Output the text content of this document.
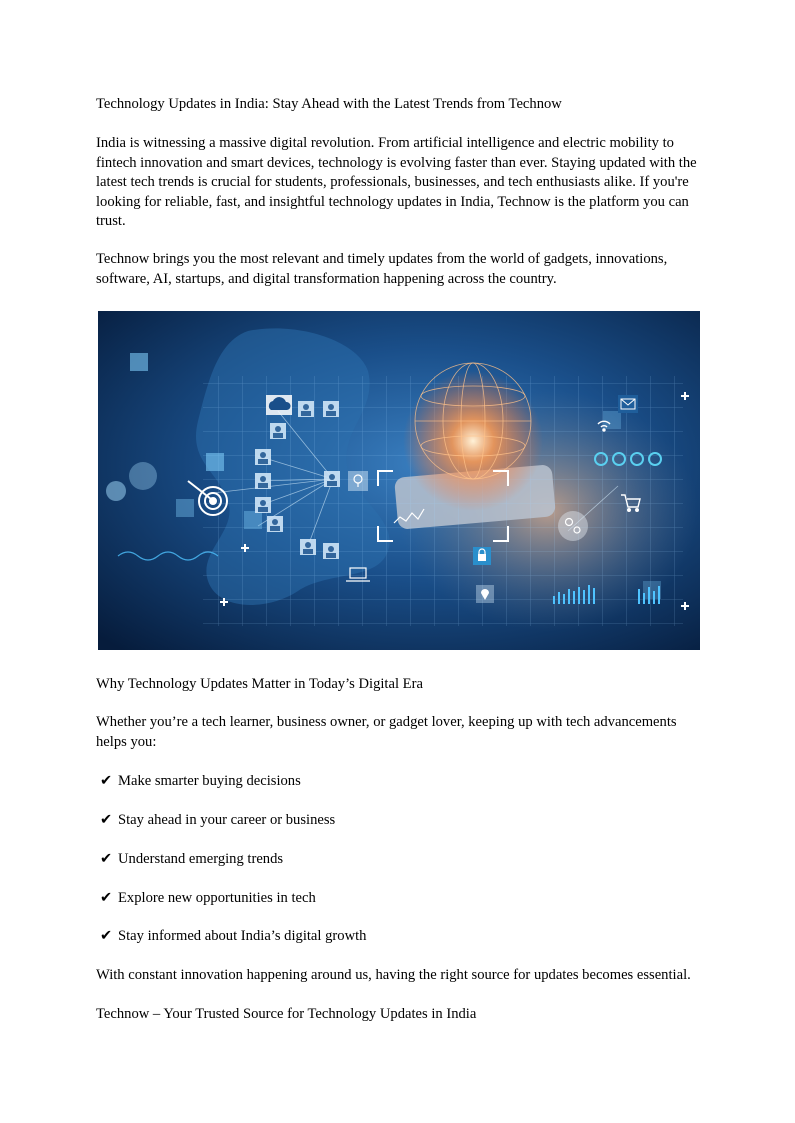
Technology Updates in India: Stay Ahead with the Latest Trends from Technow

India is witnessing a massive digital revolution. From artificial intelligence and electric mobility to fintech innovation and smart devices, technology is evolving faster than ever. Staying updated with the latest tech trends is crucial for students, professionals, businesses, and tech enthusiasts alike. If you're looking for reliable, fast, and insightful technology updates in India, Technow is the platform you can trust.

Technow brings you the most relevant and timely updates from the world of gadgets, innovations, software, AI, startups, and digital transformation happening across the country.

Why Technology Updates Matter in Today’s Digital Era

Whether you’re a tech learner, business owner, or gadget lover, keeping up with tech advancements helps you:

✔ Make smarter buying decisions
✔ Stay ahead in your career or business
✔ Understand emerging trends
✔ Explore new opportunities in tech
✔ Stay informed about India’s digital growth

With constant innovation happening around us, having the right source for updates becomes essential.

Technow – Your Trusted Source for Technology Updates in India
